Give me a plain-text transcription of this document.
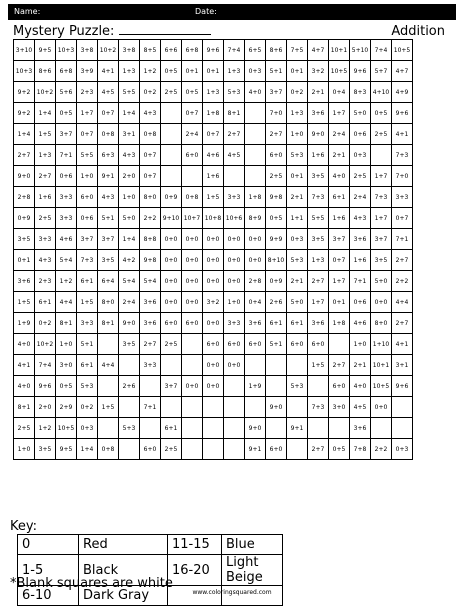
Name:	Date:
Mystery Puzzle:	Addition
3+10	9+5	10+3	3+8	10+2	3+8	8+5	6+6	6+8	9+6	7+4	6+5	8+6	7+5	4+7	10+1	5+10	7+4	10+5
10+3	8+6	6+8	3+9	4+1	1+3	1+2	0+5	0+1	0+1	1+3	0+3	5+1	0+1	3+2	10+5	9+6	5+7	4+7
9+2	10+2	5+6	2+3	4+5	5+5	0+2	2+5	0+5	1+3	5+3	4+0	3+7	0+2	2+1	0+4	8+3	4+10	4+9
9+2	1+4	0+5	1+7	0+7	1+4	4+3		0+7	1+8	8+1		7+0	1+3	3+6	1+7	5+0	0+5	9+6
1+4	1+5	3+7	0+7	0+8	3+1	0+8		2+4	0+7	2+7		2+7	1+0	9+0	2+4	0+6	2+5	4+1
2+7	1+3	7+1	5+5	6+3	4+3	0+7		6+0	4+6	4+5		6+0	5+3	1+6	2+1	0+3		7+3
9+0	2+7	0+6	1+0	9+1	2+0	0+7			1+6			2+5	0+1	3+5	4+0	2+5	1+7	7+0
2+8	1+6	3+3	6+0	4+3	1+0	8+0	0+9	0+8	1+5	3+3	1+8	9+8	2+1	7+3	6+1	2+4	7+3	3+3
0+9	2+5	3+3	0+6	5+1	5+0	2+2	9+10	10+7	10+8	10+6	8+9	0+5	1+1	5+5	1+6	4+3	1+7	0+7
3+5	3+3	4+6	3+7	3+7	1+4	8+8	0+0	0+0	0+0	0+0	0+0	9+9	0+3	3+5	3+7	3+6	3+7	7+1
0+1	4+3	5+4	7+3	3+5	4+2	9+8	0+0	0+0	0+0	0+0	0+0	8+10	5+3	1+3	0+7	1+6	3+5	2+7
3+6	2+3	1+2	6+1	6+4	5+4	5+4	0+0	0+0	0+0	0+0	2+8	0+9	2+1	2+7	1+7	7+1	5+0	2+2
1+5	6+1	4+4	1+5	8+0	2+4	3+6	0+0	0+0	3+2	1+0	0+4	2+6	5+0	1+7	0+1	0+6	0+0	4+4
1+9	0+2	8+1	3+3	8+1	9+0	3+6	6+0	6+0	0+0	3+3	3+6	6+1	6+1	3+6	1+8	4+6	8+0	2+7
4+0	10+2	1+0	5+1		3+5	2+7	2+5		6+0	6+0	6+0	5+1	6+0	6+0		1+0	1+10	4+1
4+1	7+4	3+0	6+1	4+4		3+3			0+0	0+0				1+5	2+7	2+1	10+1	3+1
4+0	9+6	0+5	5+3		2+6		3+7	0+0	0+0		1+9		5+3		6+0	4+0	10+5	9+6
8+1	2+0	2+9	0+2	1+5		7+1						9+0		7+3	3+0	4+5	0+0	
2+5	1+2	10+5	0+3		5+3		6+1				9+0		9+1			3+6		
1+0	3+5	9+5	1+4	0+8		6+0	2+5				9+1	6+0		2+7	0+5	7+8	2+2	0+3
Key:
0	Red	11-15	Blue
1-5	Black	16-20	Light Beige
6-10	Dark Gray		
*Blank squares are white
www.coloringsquared.com
